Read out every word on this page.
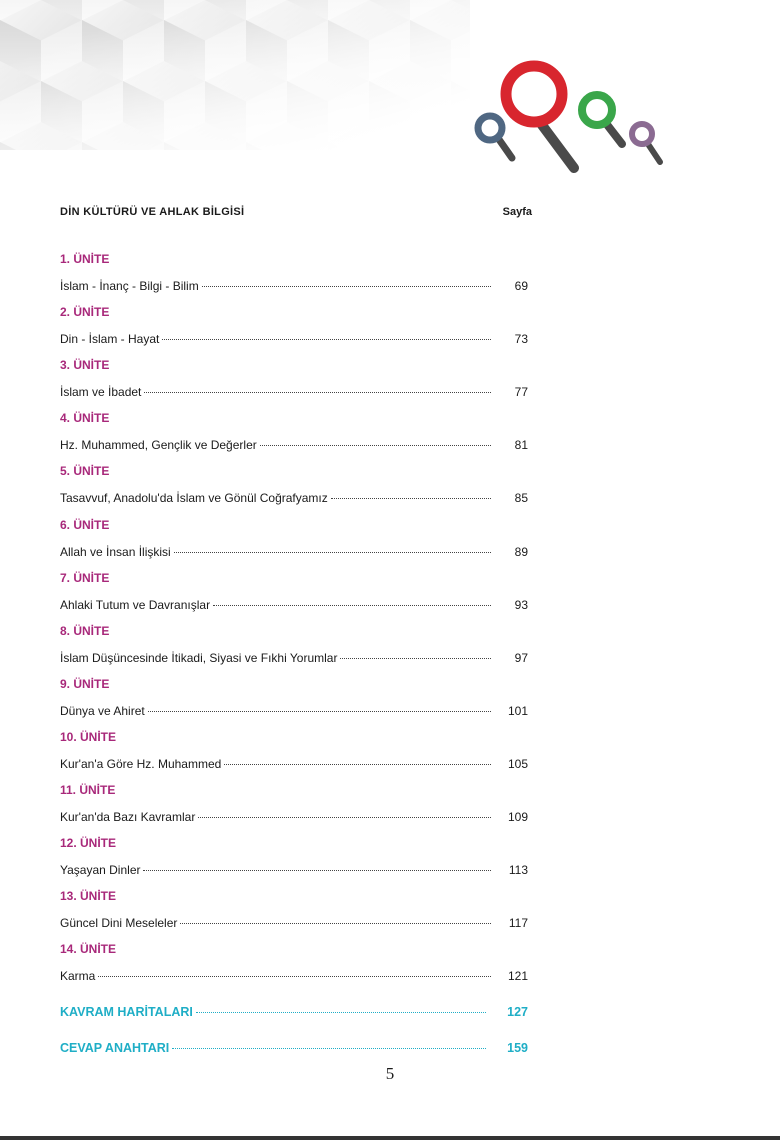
DİN KÜLTÜRÜ VE AHLAK BİLGİSİ	Sayfa
1. ÜNİTE
İslam - İnanç - Bilgi - Bilim	69
2. ÜNİTE
Din - İslam - Hayat	73
3. ÜNİTE
İslam ve İbadet	77
4. ÜNİTE
Hz. Muhammed, Gençlik ve Değerler	81
5. ÜNİTE
Tasavvuf, Anadolu'da İslam ve Gönül Coğrafyamız	85
6. ÜNİTE
Allah ve İnsan İlişkisi	89
7. ÜNİTE
Ahlaki Tutum ve Davranışlar	93
8. ÜNİTE
İslam Düşüncesinde İtikadi, Siyasi ve Fıkhi Yorumlar	97
9. ÜNİTE
Dünya ve Ahiret	101
10. ÜNİTE
Kur'an'a Göre Hz. Muhammed	105
11. ÜNİTE
Kur'an'da Bazı Kavramlar	109
12. ÜNİTE
Yaşayan Dinler	113
13. ÜNİTE
Güncel Dini Meseleler	117
14. ÜNİTE
Karma	121
KAVRAM HARİTALARI	127
CEVAP ANAHTARI	159
5
